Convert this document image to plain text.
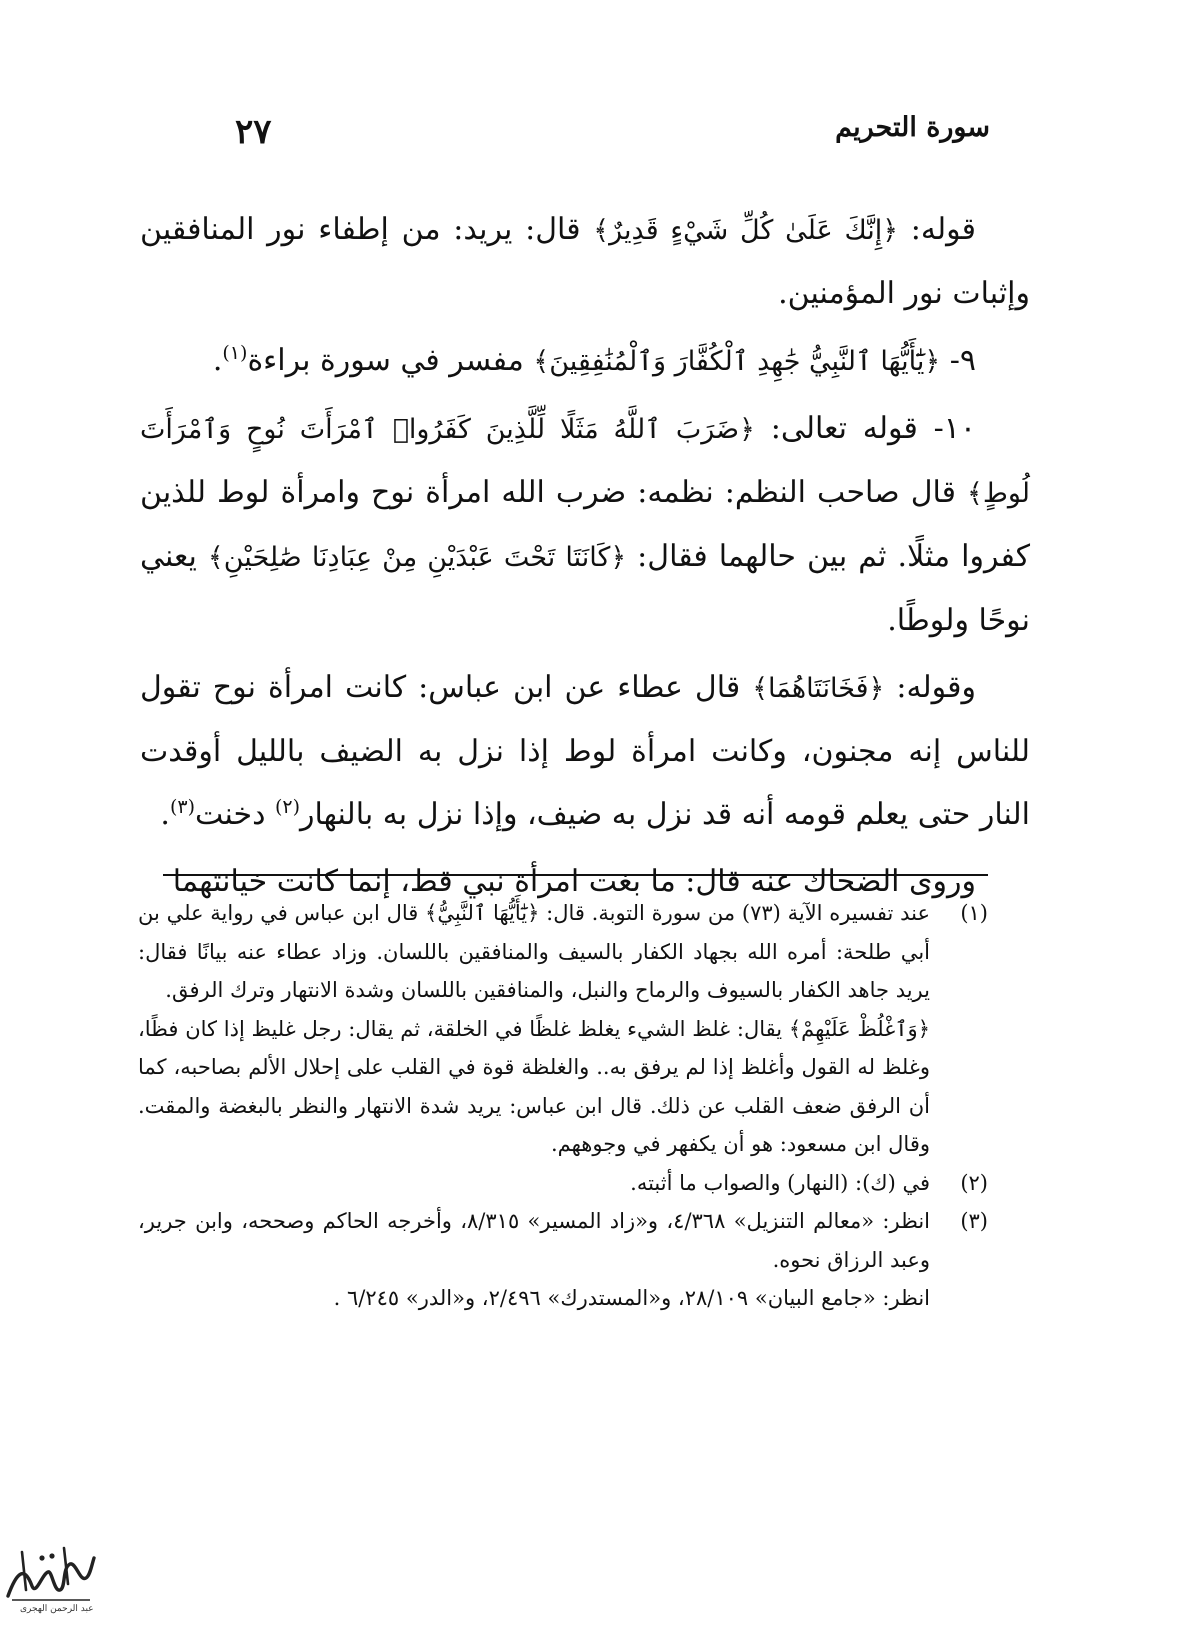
سورة التحريم
٢٧

قوله: ﴿إِنَّكَ عَلَىٰ كُلِّ شَيْءٍ قَدِيرٌ﴾ قال: يريد: من إطفاء نور المنافقين وإثبات نور المؤمنين.

٩- ﴿يَٰٓأَيُّهَا ٱلنَّبِيُّ جَٰهِدِ ٱلْكُفَّارَ وَٱلْمُنَٰفِقِينَ﴾ مفسر في سورة براءة$^{(١)}$.

١٠- قوله تعالى: ﴿ضَرَبَ ٱللَّهُ مَثَلًا لِّلَّذِينَ كَفَرُوا۟ ٱمْرَأَتَ نُوحٍ وَٱمْرَأَتَ لُوطٍ﴾ قال صاحب النظم: نظمه: ضرب الله امرأة نوح وامرأة لوط للذين كفروا مثلًا. ثم بين حالهما فقال: ﴿كَانَتَا تَحْتَ عَبْدَيْنِ مِنْ عِبَادِنَا صَٰلِحَيْنِ﴾ يعني نوحًا ولوطًا.

وقوله: ﴿فَخَانَتَاهُمَا﴾ قال عطاء عن ابن عباس: كانت امرأة نوح تقول للناس إنه مجنون، وكانت امرأة لوط إذا نزل به الضيف بالليل أوقدت النار حتى يعلم قومه أنه قد نزل به ضيف، وإذا نزل به بالنهار$^{(٢)}$ دخنت$^{(٣)}$.

وروى الضحاك عنه قال: ما بغت امرأة نبي قط، إنما كانت خيانتهما

(١)

عند تفسيره الآية (٧٣) من سورة التوبة. قال: ﴿يَٰٓأَيُّهَا ٱلنَّبِيُّ﴾ قال ابن عباس في رواية علي بن أبي طلحة: أمره الله بجهاد الكفار بالسيف والمنافقين باللسان. وزاد عطاء عنه بيانًا فقال: يريد جاهد الكفار بالسيوف والرماح والنبل، والمنافقين باللسان وشدة الانتهار وترك الرفق.

﴿وَٱغْلُظْ عَلَيْهِمْ﴾ يقال: غلظ الشيء يغلظ غلظًا في الخلقة، ثم يقال: رجل غليظ إذا كان فظًا، وغلظ له القول وأغلظ إذا لم يرفق به.. والغلظة قوة في القلب على إحلال الألم بصاحبه، كما أن الرفق ضعف القلب عن ذلك. قال ابن عباس: يريد شدة الانتهار والنظر بالبغضة والمقت. وقال ابن مسعود: هو أن يكفهر في وجوههم.

(٢)

في (ك): (النهار) والصواب ما أثبته.

(٣)

انظر: «معالم التنزيل» ٤/٣٦٨، و«زاد المسير» ٨/٣١٥، وأخرجه الحاكم وصححه، وابن جرير، وعبد الرزاق نحوه.

انظر: «جامع البيان» ٢٨/١٠٩، و«المستدرك» ٢/٤٩٦، و«الدر» ٦/٢٤٥ .

عبد الرحمن الهجرى
